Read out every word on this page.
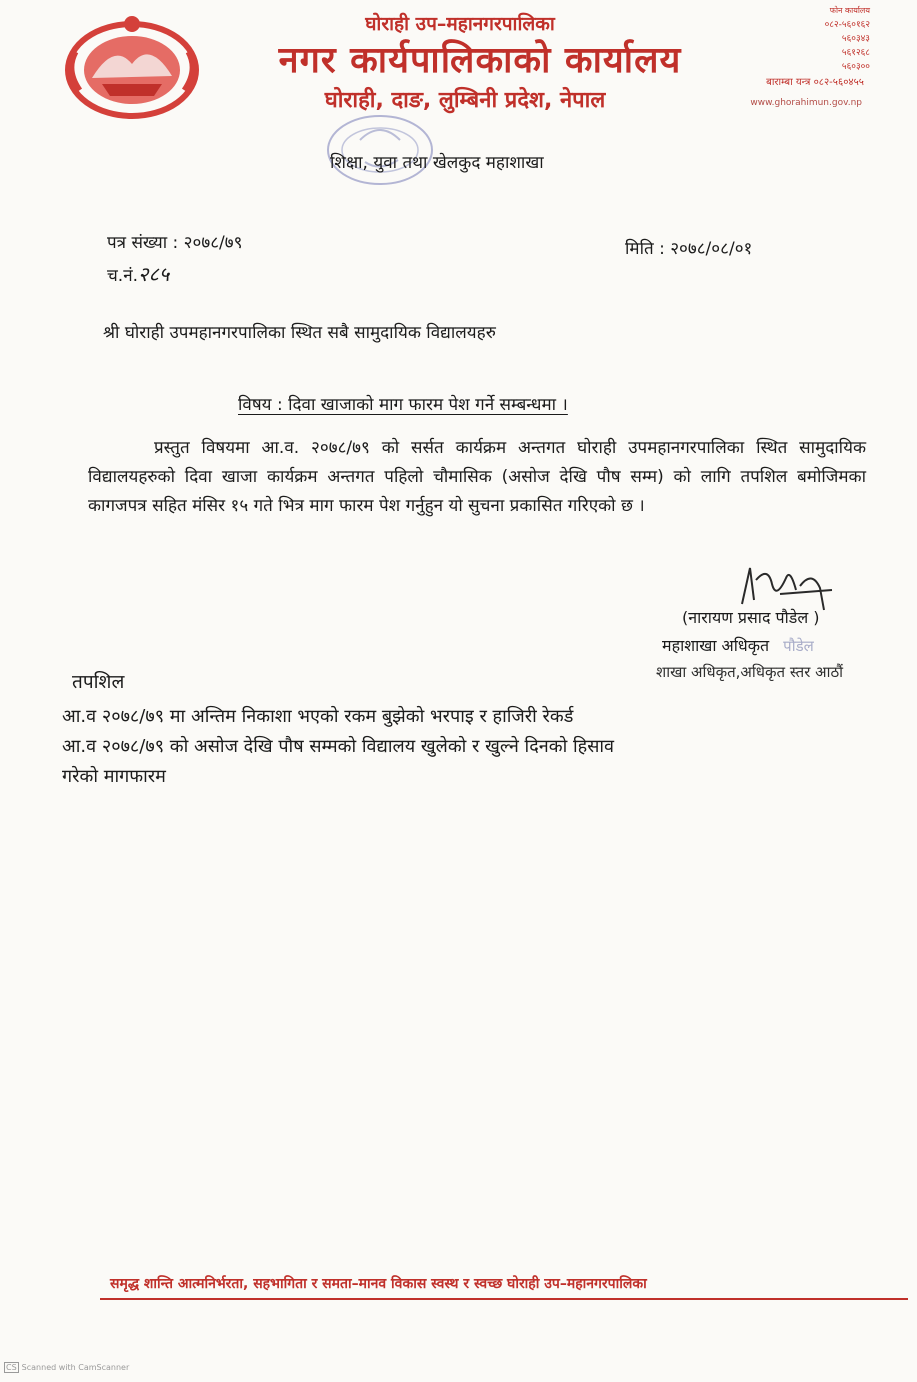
घोराही उप–महानगरपालिका
नगर कार्यपालिकाको कार्यालय
घोराही, दाङ, लुम्बिनी प्रदेश, नेपाल
फोन कार्यालय
०८२-५६०१६२
५६०३४३
५६१२६८
५६०३००
बाराम्बा यन्त्र ०८२-५६०४५५
www.ghorahimun.gov.np
शिक्षा, युवा तथा खेलकुद महाशाखा
पत्र संख्या : २०७८/७९
च.नं.२८५
मिति : २०७८/०८/०१
श्री घोराही उपमहानगरपालिका स्थित सबै सामुदायिक विद्यालयहरु
विषय : दिवा खाजाको माग फारम पेश गर्ने सम्बन्धमा ।
प्रस्तुत विषयमा आ.व. २०७८/७९ को सर्सत कार्यक्रम अन्तगत घोराही उपमहानगरपालिका स्थित सामुदायिक विद्यालयहरुको दिवा खाजा कार्यक्रम अन्तगत पहिलो चौमासिक (असोज देखि पौष सम्म) को लागि तपशिल बमोजिमका कागजपत्र सहित मंसिर १५ गते भित्र माग फारम पेश गर्नुहुन यो सुचना प्रकासित गरिएको छ ।
(नारायण प्रसाद पौडेल )
महाशाखा अधिकृत पौडेल
शाखा अधिकृत,अधिकृत स्तर आठौं
तपशिल
आ.व २०७८/७९ मा अन्तिम निकाशा भएको रकम बुझेको भरपाइ र हाजिरी रेकर्ड
आ.व २०७८/७९ को असोज देखि पौष सम्मको विद्यालय खुलेको र खुल्ने दिनको हिसाव
गरेको मागफारम
समृद्ध शान्ति आत्मनिर्भरता, सहभागिता र समता–मानव विकास स्वस्थ र स्वच्छ घोराही उप–महानगरपालिका
CS Scanned with CamScanner
